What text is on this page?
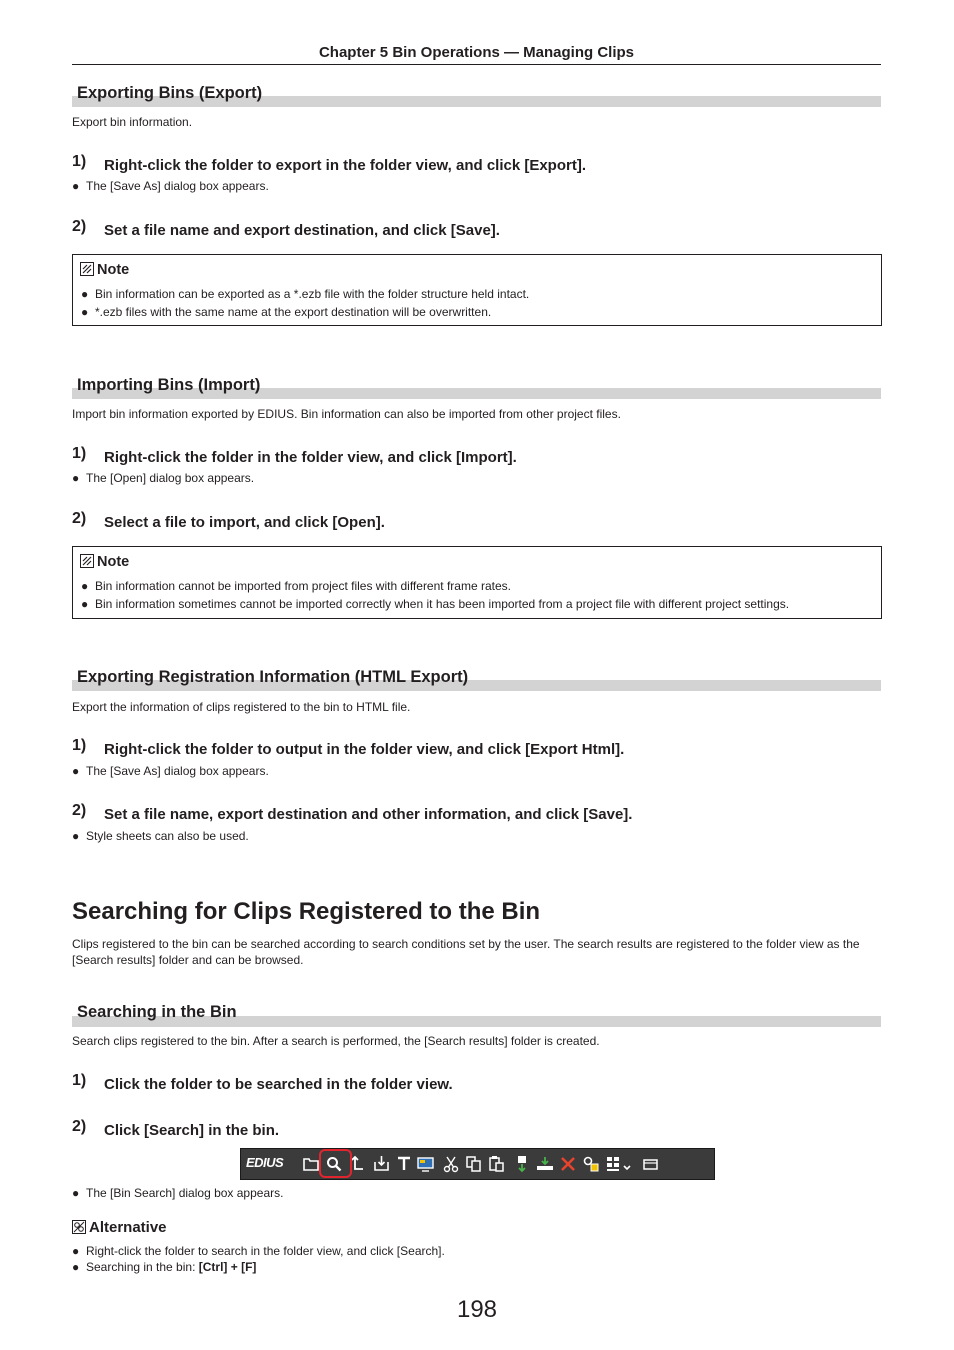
Chapter 5 Bin Operations — Managing Clips
Exporting Bins (Export)
Export bin information.
1) Right-click the folder to export in the folder view, and click [Export].
● The [Save As] dialog box appears.
2) Set a file name and export destination, and click [Save].
Note
● Bin information can be exported as a *.ezb file with the folder structure held intact.
● *.ezb files with the same name at the export destination will be overwritten.
Importing Bins (Import)
Import bin information exported by EDIUS. Bin information can also be imported from other project files.
1) Right-click the folder in the folder view, and click [Import].
● The [Open] dialog box appears.
2) Select a file to import, and click [Open].
Note
● Bin information cannot be imported from project files with different frame rates.
● Bin information sometimes cannot be imported correctly when it has been imported from a project file with different project settings.
Exporting Registration Information (HTML Export)
Export the information of clips registered to the bin to HTML file.
1) Right-click the folder to output in the folder view, and click [Export Html].
● The [Save As] dialog box appears.
2) Set a file name, export destination and other information, and click [Save].
● Style sheets can also be used.
Searching for Clips Registered to the Bin
Clips registered to the bin can be searched according to search conditions set by the user. The search results are registered to the folder view as the [Search results] folder and can be browsed.
Searching in the Bin
Search clips registered to the bin. After a search is performed, the [Search results] folder is created.
1) Click the folder to be searched in the folder view.
2) Click [Search] in the bin.
EDIUS
● The [Bin Search] dialog box appears.
Alternative
● Right-click the folder to search in the folder view, and click [Search].
● Searching in the bin: [Ctrl] + [F]
198
